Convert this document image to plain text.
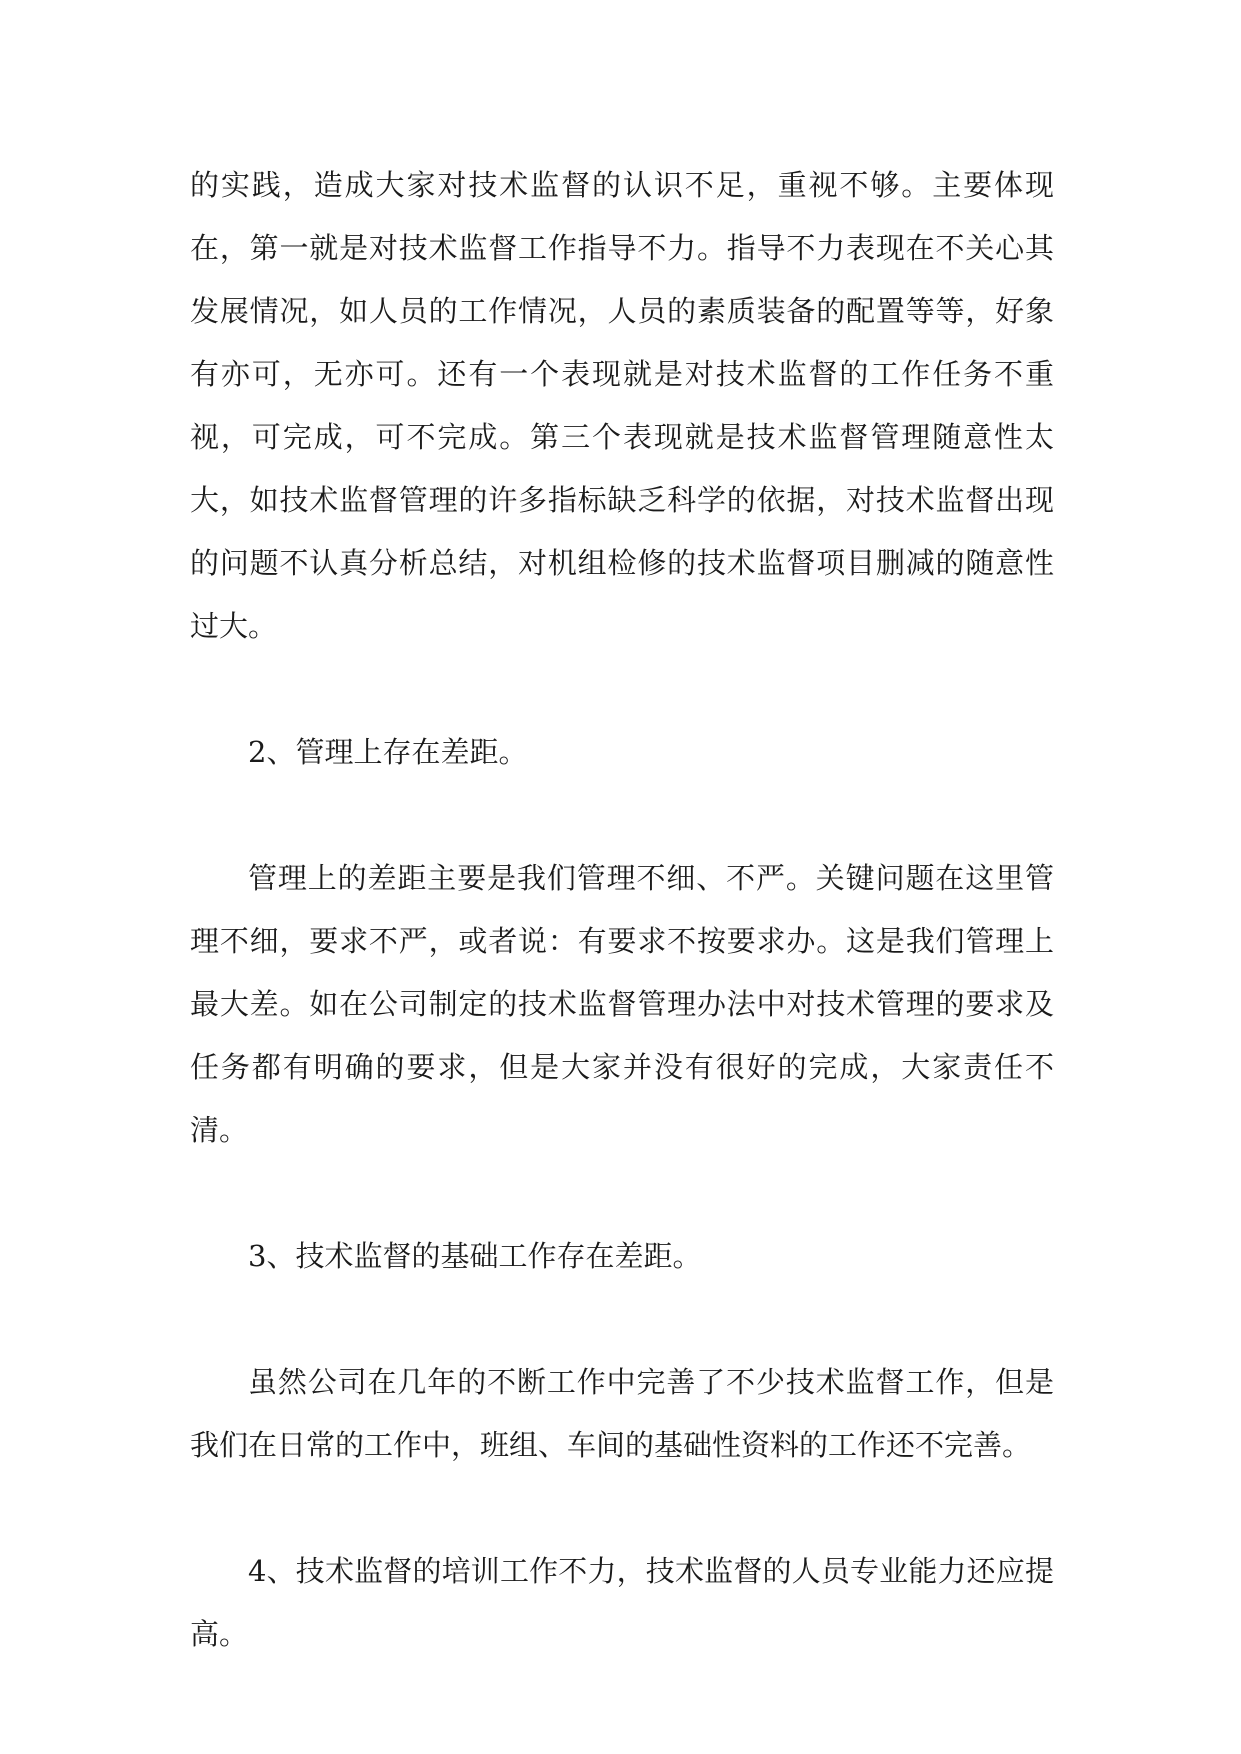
的实践，造成大家对技术监督的认识不足，重视不够。主要体现在，第一就是对技术监督工作指导不力。指导不力表现在不关心其发展情况，如人员的工作情况，人员的素质装备的配置等等，好象有亦可，无亦可。还有一个表现就是对技术监督的工作任务不重视，可完成，可不完成。第三个表现就是技术监督管理随意性太大，如技术监督管理的许多指标缺乏科学的依据，对技术监督出现的问题不认真分析总结，对机组检修的技术监督项目删减的随意性过大。

2、管理上存在差距。

管理上的差距主要是我们管理不细、不严。关键问题在这里管理不细，要求不严，或者说：有要求不按要求办。这是我们管理上最大差。如在公司制定的技术监督管理办法中对技术管理的要求及任务都有明确的要求，但是大家并没有很好的完成，大家责任不清。

3、技术监督的基础工作存在差距。

虽然公司在几年的不断工作中完善了不少技术监督工作，但是我们在日常的工作中，班组、车间的基础性资料的工作还不完善。

4、技术监督的培训工作不力，技术监督的人员专业能力还应提高。
